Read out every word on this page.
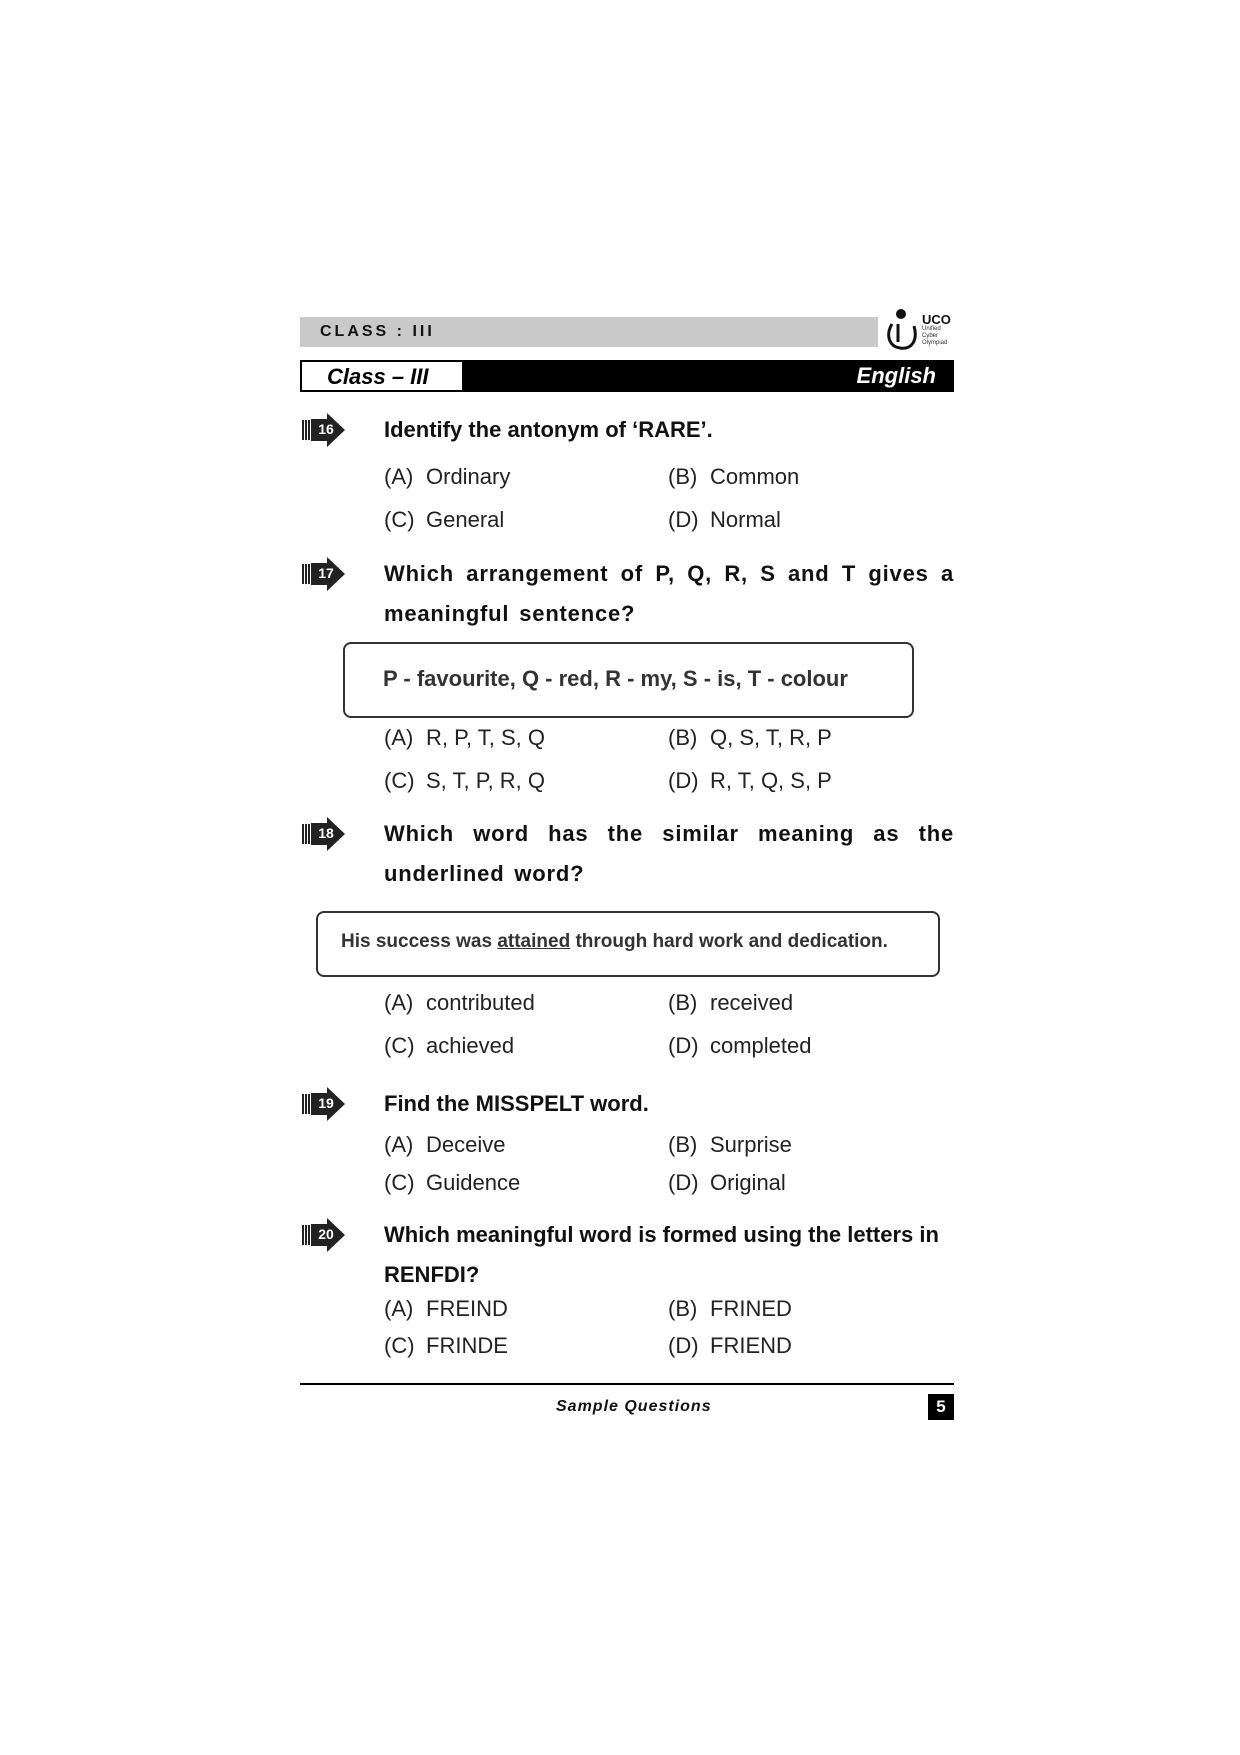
CLASS : III
UCO
Unified
Cyber
Olympiad
Class – III	English
16 Identify the antonym of ‘RARE’.
(A) Ordinary	(B) Common
(C) General	(D) Normal
17 Which arrangement of P, Q, R, S and T gives a meaningful sentence?
P - favourite, Q - red, R - my, S - is, T - colour
(A) R, P, T, S, Q	(B) Q, S, T, R, P
(C) S, T, P, R, Q	(D) R, T, Q, S, P
18 Which word has the similar meaning as the underlined word?
His success was attained through hard work and dedication.
(A) contributed	(B) received
(C) achieved	(D) completed
19 Find the MISSPELT word.
(A) Deceive	(B) Surprise
(C) Guidence	(D) Original
20 Which meaningful word is formed using the letters in RENFDI?
(A) FREIND	(B) FRINED
(C) FRINDE	(D) FRIEND
Sample Questions	5
